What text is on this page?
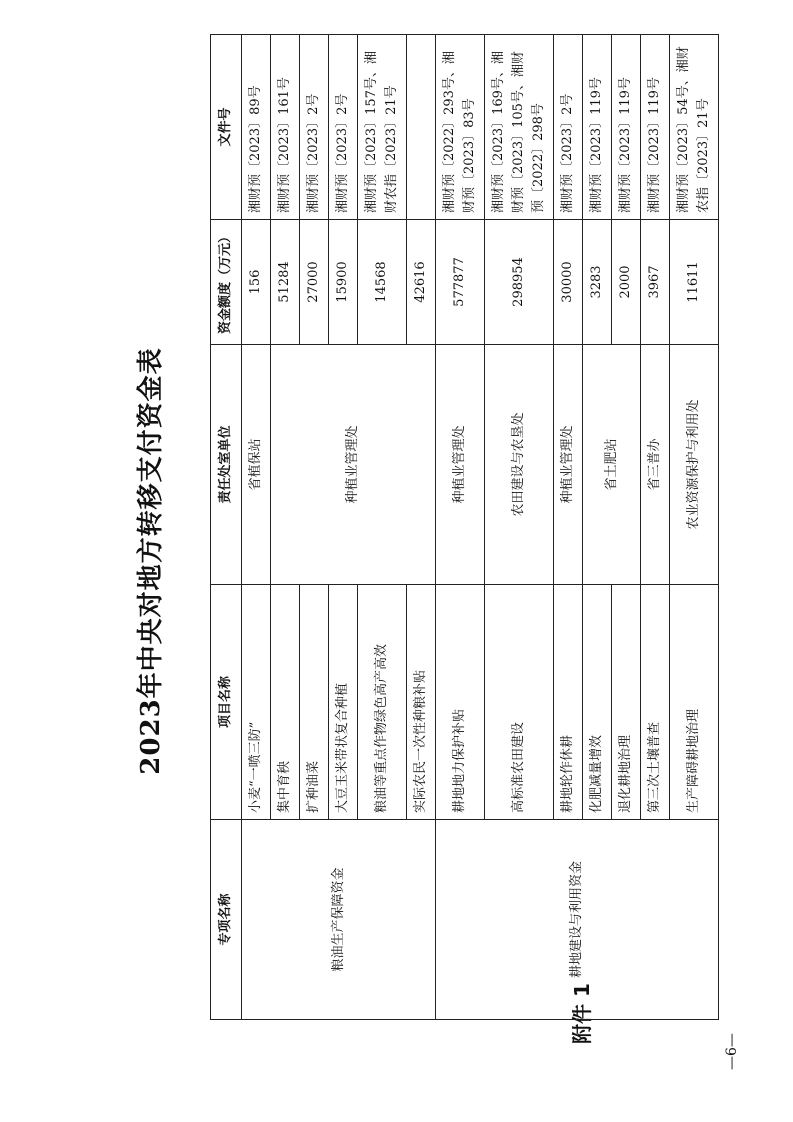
附件 1
2023年中央对地方转移支付资金表
专项名称	项目名称	责任处室单位	资金额度（万元）	文件号
粮油生产保障资金	小麦“一喷三防”	省植保站	156	湘财预〔2023〕89号
	集中育秧	种植业管理处	51284	湘财预〔2023〕161号
	扩种油菜		27000	湘财预〔2023〕2号
	大豆玉米带状复合种植		15900	湘财预〔2023〕2号
	粮油等重点作物绿色高产高效		14568	湘财预〔2023〕157号、湘财农指〔2023〕21号
	实际农民一次性种粮补贴		42616	
耕地建设与利用资金	耕地地力保护补贴	种植业管理处	577877	湘财预〔2022〕293号、湘财预〔2023〕83号
	高标准农田建设	农田建设与农垦处	298954	湘财预〔2023〕169号、湘财预〔2023〕105号、湘财预〔2022〕298号
	耕地轮作休耕	种植业管理处	30000	湘财预〔2023〕2号
	化肥减量增效	省土肥站	3283	湘财预〔2023〕119号
	退化耕地治理		2000	湘财预〔2023〕119号
	第三次土壤普查	省三普办	3967	湘财预〔2023〕119号
	生产障碍耕地治理	农业资源保护与利用处	11611	湘财预〔2023〕54号、湘财农指〔2023〕21号
—6—
